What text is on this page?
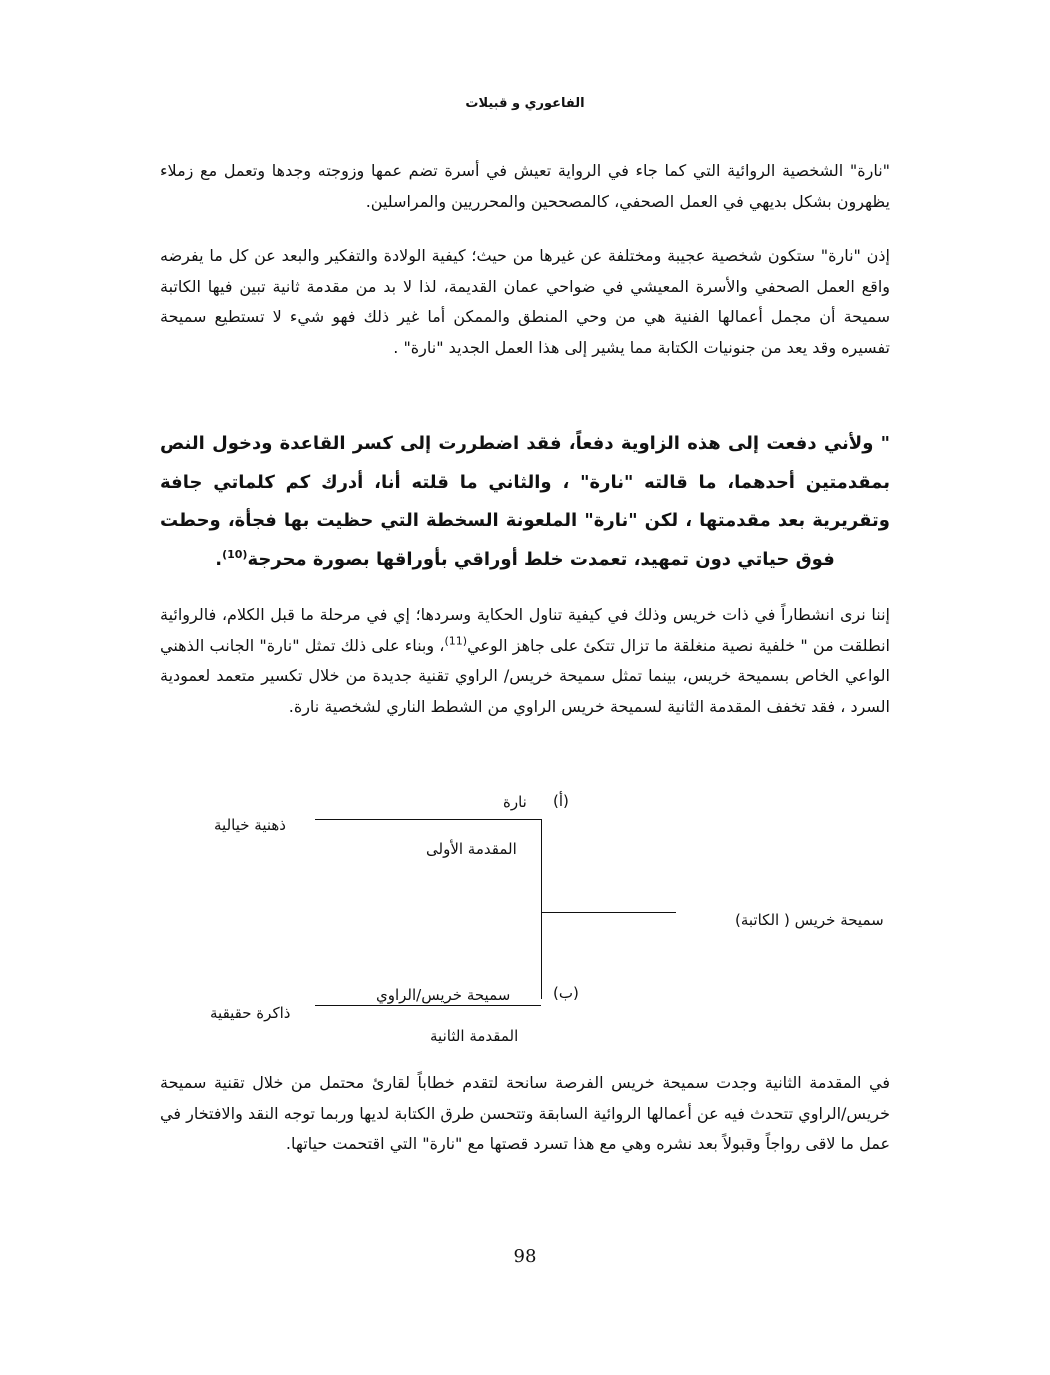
الفاعوري و قبيلات

"نارة" الشخصية الروائية التي كما جاء في الرواية تعيش في أسرة تضم عمها وزوجته وجدها وتعمل مع زملاء يظهرون بشكل بديهي في العمل الصحفي، كالمصححين والمحرريين والمراسلين.

إذن "نارة" ستكون شخصية عجيبة ومختلفة عن غيرها من حيث؛ كيفية الولادة والتفكير والبعد عن كل ما يفرضه واقع العمل الصحفي والأسرة المعيشي في ضواحي عمان القديمة، لذا لا بد من مقدمة ثانية تبين فيها الكاتبة سميحة أن مجمل أعمالها الفنية هي من وحي المنطق والممكن أما غير ذلك فهو شيء لا تستطيع سميحة تفسيره وقد يعد من جنونيات الكتابة مما يشير إلى هذا العمل الجديد "نارة" .

" ولأني دفعت إلى هذه الزاوية دفعاً، فقد اضطررت إلى كسر القاعدة ودخول النص بمقدمتين أحدهما، ما قالته "نارة" ، والثاني ما قلته أنا، أدرك كم كلماتي جافة وتقريرية بعد مقدمتها ، لكن "نارة" الملعونة السخطة التي حظيت بها فجأة، وحطت فوق حياتي دون تمهيد، تعمدت خلط أوراقي بأوراقها بصورة محرجة$^{(10)}$.

إننا نرى انشطاراً في ذات خريس وذلك في كيفية تناول الحكاية وسردها؛ إي في مرحلة ما قبل الكلام، فالروائية انطلقت من " خلفية نصية منغلقة ما تزال تتكئ على جاهز الوعي$^{(11)}$، وبناء على ذلك تمثل "نارة" الجانب الذهني الواعي الخاص بسميحة خريس، بينما تمثل سميحة خريس/ الراوي تقنية جديدة من خلال تكسير متعمد لعمودية السرد ، فقد تخفف المقدمة الثانية لسميحة خريس الراوي من الشطط الناري لشخصية نارة.

(أ)
نارة
ذهنية خيالية
المقدمة الأولى
سميحة خريس ( الكاتبة)
(ب)
سميحة خريس/الراوي
ذاكرة حقيقية
المقدمة الثانية

في المقدمة الثانية وجدت سميحة خريس الفرصة سانحة لتقدم خطاباً لقارئ محتمل من خلال تقنية سميحة خريس/الراوي تتحدث فيه عن أعمالها الروائية السابقة وتتحسن طرق الكتابة لديها وربما توجه النقد والافتخار في عمل ما لاقى رواجاً وقبولاً بعد نشره وهي مع هذا تسرد قصتها مع "نارة" التي اقتحمت حياتها.

98
